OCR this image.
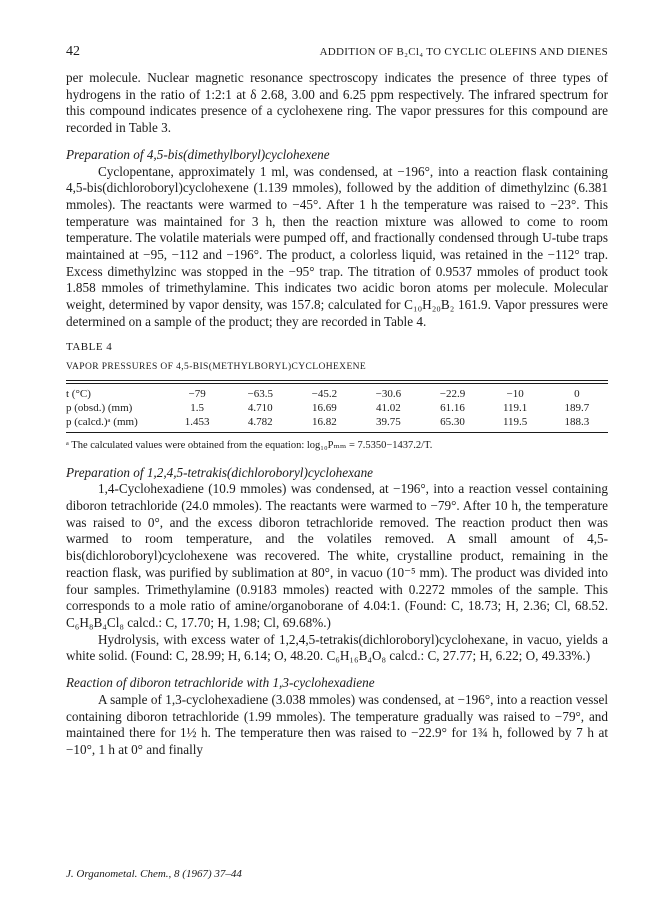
42	ADDITION OF B₂Cl₄ TO CYCLIC OLEFINS AND DIENES

per molecule. Nuclear magnetic resonance spectroscopy indicates the presence of three types of hydrogens in the ratio of 1:2:1 at δ 2.68, 3.00 and 6.25 ppm respectively. The infrared spectrum for this compound indicates presence of a cyclohexene ring. The vapor pressures for this compound are recorded in Table 3.

Preparation of 4,5-bis(dimethylboryl)cyclohexene

Cyclopentane, approximately 1 ml, was condensed, at −196°, into a reaction flask containing 4,5-bis(dichloroboryl)cyclohexene (1.139 mmoles), followed by the addition of dimethylzinc (6.381 mmoles). The reactants were warmed to −45°. After 1 h the temperature was raised to −23°. This temperature was maintained for 3 h, then the reaction mixture was allowed to come to room temperature. The volatile materials were pumped off, and fractionally condensed through U-tube traps maintained at −95, −112 and −196°. The product, a colorless liquid, was retained in the −112° trap. Excess dimethylzinc was stopped in the −95° trap. The titration of 0.9537 mmoles of product took 1.858 mmoles of trimethylamine. This indicates two acidic boron atoms per molecule. Molecular weight, determined by vapor density, was 157.8; calculated for C₁₀H₂₀B₂ 161.9. Vapor pressures were determined on a sample of the product; they are recorded in Table 4.

TABLE 4

VAPOR PRESSURES OF 4,5-BIS(METHYLBORYL)CYCLOHEXENE

t (°C)	−79	−63.5	−45.2	−30.6	−22.9	−10	0
p (obsd.) (mm)	1.5	4.710	16.69	41.02	61.16	119.1	189.7
p (calcd.)ᵃ (mm)	1.453	4.782	16.82	39.75	65.30	119.5	188.3

ᵃ The calculated values were obtained from the equation: log₁₀Pₘₘ = 7.5350−1437.2/T.

Preparation of 1,2,4,5-tetrakis(dichloroboryl)cyclohexane

1,4-Cyclohexadiene (10.9 mmoles) was condensed, at −196°, into a reaction vessel containing diboron tetrachloride (24.0 mmoles). The reactants were warmed to −79°. After 10 h, the temperature was raised to 0°, and the excess diboron tetrachloride removed. The reaction product then was warmed to room temperature, and the volatiles removed. A small amount of 4,5-bis(dichloroboryl)cyclohexene was recovered. The white, crystalline product, remaining in the reaction flask, was purified by sublimation at 80°, in vacuo (10⁻⁵ mm). The product was divided into four samples. Trimethylamine (0.9183 mmoles) reacted with 0.2272 mmoles of the sample. This corresponds to a mole ratio of amine/organoborane of 4.04:1. (Found: C, 18.73; H, 2.36; Cl, 68.52. C₆H₈B₄Cl₈ calcd.: C, 17.70; H, 1.98; Cl, 69.68%.)

Hydrolysis, with excess water of 1,2,4,5-tetrakis(dichloroboryl)cyclohexane, in vacuo, yields a white solid. (Found: C, 28.99; H, 6.14; O, 48.20. C₆H₁₆B₄O₈ calcd.: C, 27.77; H, 6.22; O, 49.33%.)

Reaction of diboron tetrachloride with 1,3-cyclohexadiene

A sample of 1,3-cyclohexadiene (3.038 mmoles) was condensed, at −196°, into a reaction vessel containing diboron tetrachloride (1.99 mmoles). The temperature gradually was raised to −79°, and maintained there for 1½ h. The temperature then was raised to −22.9° for 1¾ h, followed by 7 h at −10°, 1 h at 0° and finally

J. Organometal. Chem., 8 (1967) 37–44
